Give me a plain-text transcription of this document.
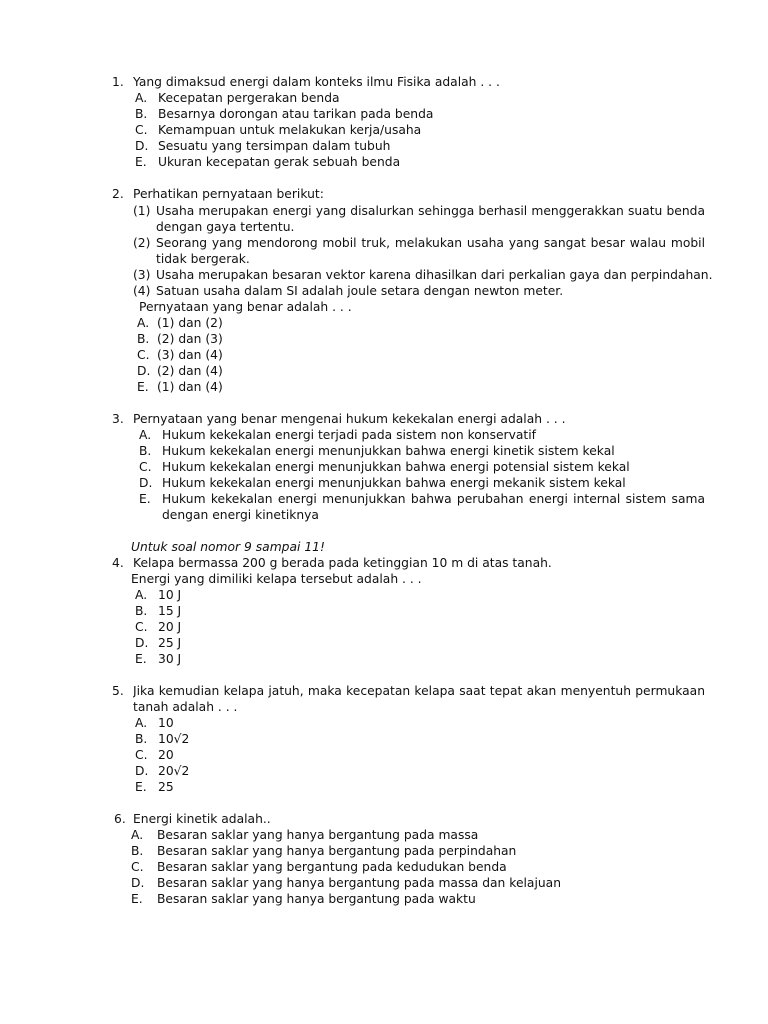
1. Yang dimaksud energi dalam konteks ilmu Fisika adalah . . .
A. Kecepatan pergerakan benda
B. Besarnya dorongan atau tarikan pada benda
C. Kemampuan untuk melakukan kerja/usaha
D. Sesuatu yang tersimpan dalam tubuh
E. Ukuran kecepatan gerak sebuah benda
2. Perhatikan pernyataan berikut:
(1) Usaha merupakan energi yang disalurkan sehingga berhasil menggerakkan suatu benda
dengan gaya tertentu.
(2) Seorang yang mendorong mobil truk, melakukan usaha yang sangat besar walau mobil
tidak bergerak.
(3) Usaha merupakan besaran vektor karena dihasilkan dari perkalian gaya dan perpindahan.
(4) Satuan usaha dalam SI adalah joule setara dengan newton meter.
Pernyataan yang benar adalah . . .
A. (1) dan (2)
B. (2) dan (3)
C. (3) dan (4)
D. (2) dan (4)
E. (1) dan (4)
3. Pernyataan yang benar mengenai hukum kekekalan energi adalah . . .
A. Hukum kekekalan energi terjadi pada sistem non konservatif
B. Hukum kekekalan energi menunjukkan bahwa energi kinetik sistem kekal
C. Hukum kekekalan energi menunjukkan bahwa energi potensial sistem kekal
D. Hukum kekekalan energi menunjukkan bahwa energi mekanik sistem kekal
E. Hukum kekekalan energi menunjukkan bahwa perubahan energi internal sistem sama
dengan energi kinetiknya
Untuk soal nomor 9 sampai 11!
4. Kelapa bermassa 200 g berada pada ketinggian 10 m di atas tanah.
Energi yang dimiliki kelapa tersebut adalah . . .
A. 10 J
B. 15 J
C. 20 J
D. 25 J
E. 30 J
5. Jika kemudian kelapa jatuh, maka kecepatan kelapa saat tepat akan menyentuh permukaan
tanah adalah . . .
A. 10
B. 10√2
C. 20
D. 20√2
E. 25
6. Energi kinetik adalah..
A. Besaran saklar yang hanya bergantung pada massa
B. Besaran saklar yang hanya bergantung pada perpindahan
C. Besaran saklar yang bergantung pada kedudukan benda
D. Besaran saklar yang hanya bergantung pada massa dan kelajuan
E. Besaran saklar yang hanya bergantung pada waktu
